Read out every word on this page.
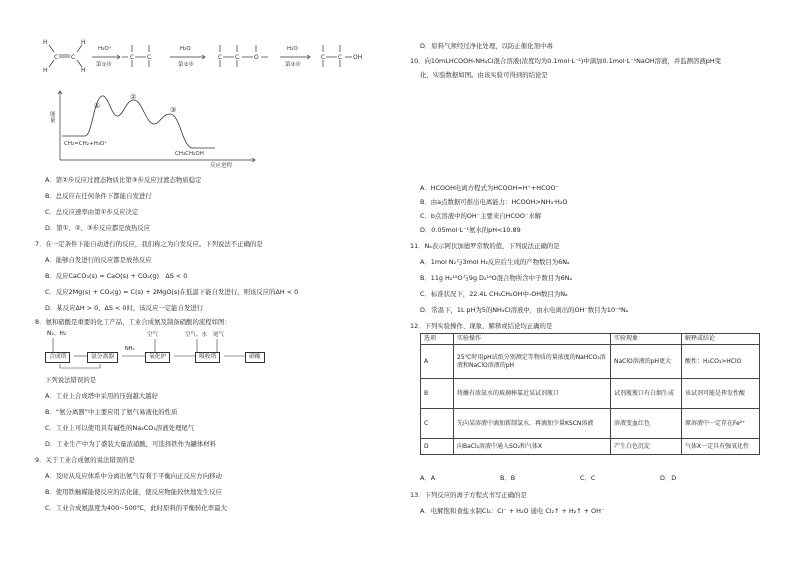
C C
H
H
H
H
C C	C C O	C C
H₃O⁺
第①步
H₂O
第②步
H₂O
第③步
OH
①
②
③
CH₂=CH₂+H₃O⁺
CH₃CH₂OH
反应进程
能量
A．第②步反应过渡态物质比第③步反应过渡态物质稳定
B．总反应在任何条件下都能自发进行
C．总反应速率由第①步反应决定
D．第①、②、③步反应都是放热反应
7．在一定条件下能自动进行的反应，我们称之为自发反应。下列说法不正确的是
A．能够自发进行的反应都是放热反应
B．反应CaCO₃(s) = CaO(s) + CO₂(g)　ΔS < 0
C．反应2Mg(s) + CO₂(g) = C(s) + 2MgO(s)在低温下能自发进行，则该反应的ΔH < 0
D．某反应ΔH > 0、ΔS < 0时，该反应一定能自发进行
8．氨和硝酸是重要的化工产品，工业合成氨及制备硝酸的流程如图：
N₂、H₂
合成塔	氨分离器	氧化炉	吸收塔	硝酸
空气	空气、水 尾气
NH₃
下列说法错误的是
A．工业上合成塔中采用的压强越大越好
B．“氨分离器”中主要应用了氨气易液化的性质
C．工业上可以使用具有碱性的Na₂CO₃溶液处理尾气
D．工业生产中为了盛装大量浓硝酸，可选择铁作为罐体材料
9．关于工业合成氨的说法错误的是
A．及时从反应体系中分离出氨气有利于平衡向正反应方向移动
B．使用铁触媒能使反应的活化能，使反应物能较快地发生反应
C．工业合成氨温度为400~500℃，此时原料的平衡转化率最大
D．原料气须经过净化处理，以防止催化剂中毒
10．向10mLHCOOH-NH₄Cl混合溶液(浓度均为0.1mol·L⁻¹)中滴加0.1mol·L⁻¹NaOH溶液，并监测溶液pH变
化，实验数据如图。由该实验可得到的结论是
A．HCOOH电离方程式为HCOOH=H⁺+HCOO⁻
B．由a点数据可推出电离能力：HCOOH>NH₃·H₂O
C．b点溶液中的OH⁻主要来自HCOO⁻水解
D．0.05mol·L⁻¹氨水的pH<10.89
11．Nₐ表示阿伏加德罗常数的值，下列说法正确的是
A．1mol N₂与3mol H₂反应后生成的产物数目为6Nₐ
B．11g H₂¹⁸O与9g D₂¹⁶O混合物所含中子数目为6Nₐ
C．标准状况下，22.4L CH₃CH₂OH中-OH数目为Nₐ
D．常温下，1L pH为5的NH₄Cl溶液中，由水电离出的OH⁻数目为10⁻⁹Nₐ
12．下列实验操作、现象、解释或结论均正确的是
选项	实验操作	实验现象	解释或结论
A	25℃时用pH试纸分别测定等物质的量浓度的NaHCO₃溶液和NaClO溶液的pH	NaClO溶液的pH更大	酸性：H₂CO₃>HClO
B	将蘸有浓氨水的玻璃棒靠近某试剂瓶口	试剂瓶瓶口有白烟生成	该试剂可能是挥发性酸
C	先向某溶液中滴加新制氯水，再滴加少量KSCN溶液	溶液变血红色	原溶液中一定存在Fe²⁺
D	向BaCl₂溶液中通入SO₂和气体X	产生白色沉淀	气体X一定具有强氧化性
A．A	B．B	C．C	D．D
13．下列反应的离子方程式书写正确的是
A．电解饱和食盐水制Cl₂：Cl⁻ + H₂O 通电 Cl₂↑ + H₂↑ + OH⁻
